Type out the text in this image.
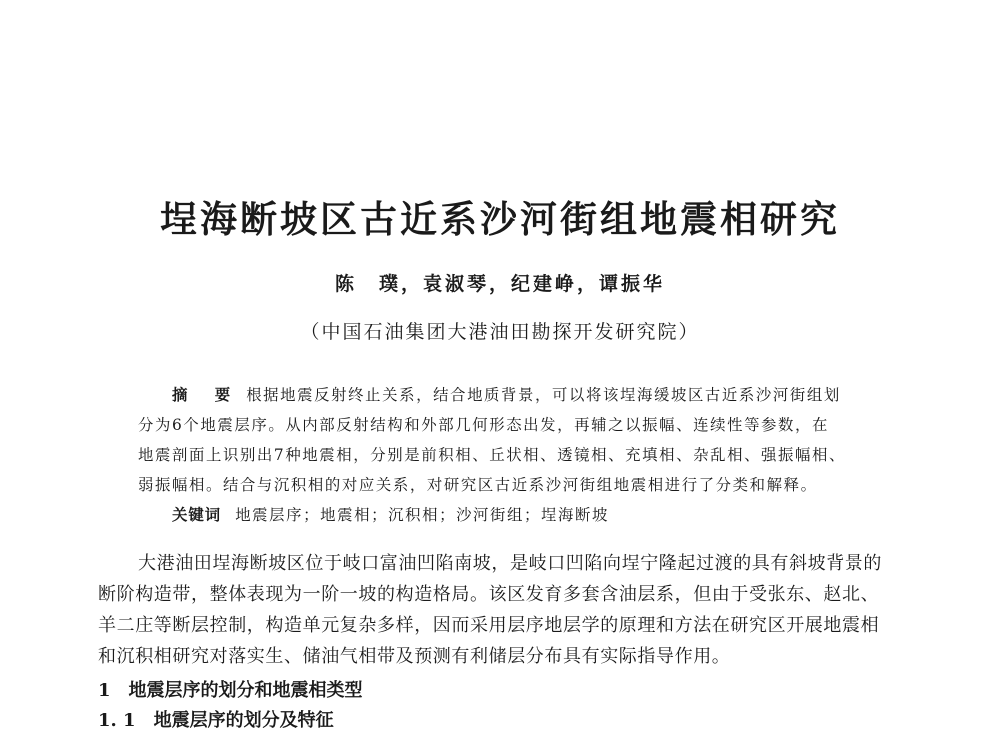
埕海断坡区古近系沙河街组地震相研究
陈　璞，袁淑琴，纪建峥，谭振华
（中国石油集团大港油田勘探开发研究院）
摘　要 根据地震反射终止关系，结合地质背景，可以将该埕海缓坡区古近系沙河街组划
分为6个地震层序。从内部反射结构和外部几何形态出发，再辅之以振幅、连续性等参数，在
地震剖面上识别出7种地震相，分别是前积相、丘状相、透镜相、充填相、杂乱相、强振幅相、
弱振幅相。结合与沉积相的对应关系，对研究区古近系沙河街组地震相进行了分类和解释。
关键词 地震层序；地震相；沉积相；沙河街组；埕海断坡
大港油田埕海断坡区位于岐口富油凹陷南坡，是岐口凹陷向埕宁隆起过渡的具有斜坡背景的
断阶构造带，整体表现为一阶一坡的构造格局。该区发育多套含油层系，但由于受张东、赵北、
羊二庄等断层控制，构造单元复杂多样，因而采用层序地层学的原理和方法在研究区开展地震相
和沉积相研究对落实生、储油气相带及预测有利储层分布具有实际指导作用。
1 地震层序的划分和地震相类型
1. 1 地震层序的划分及特征
